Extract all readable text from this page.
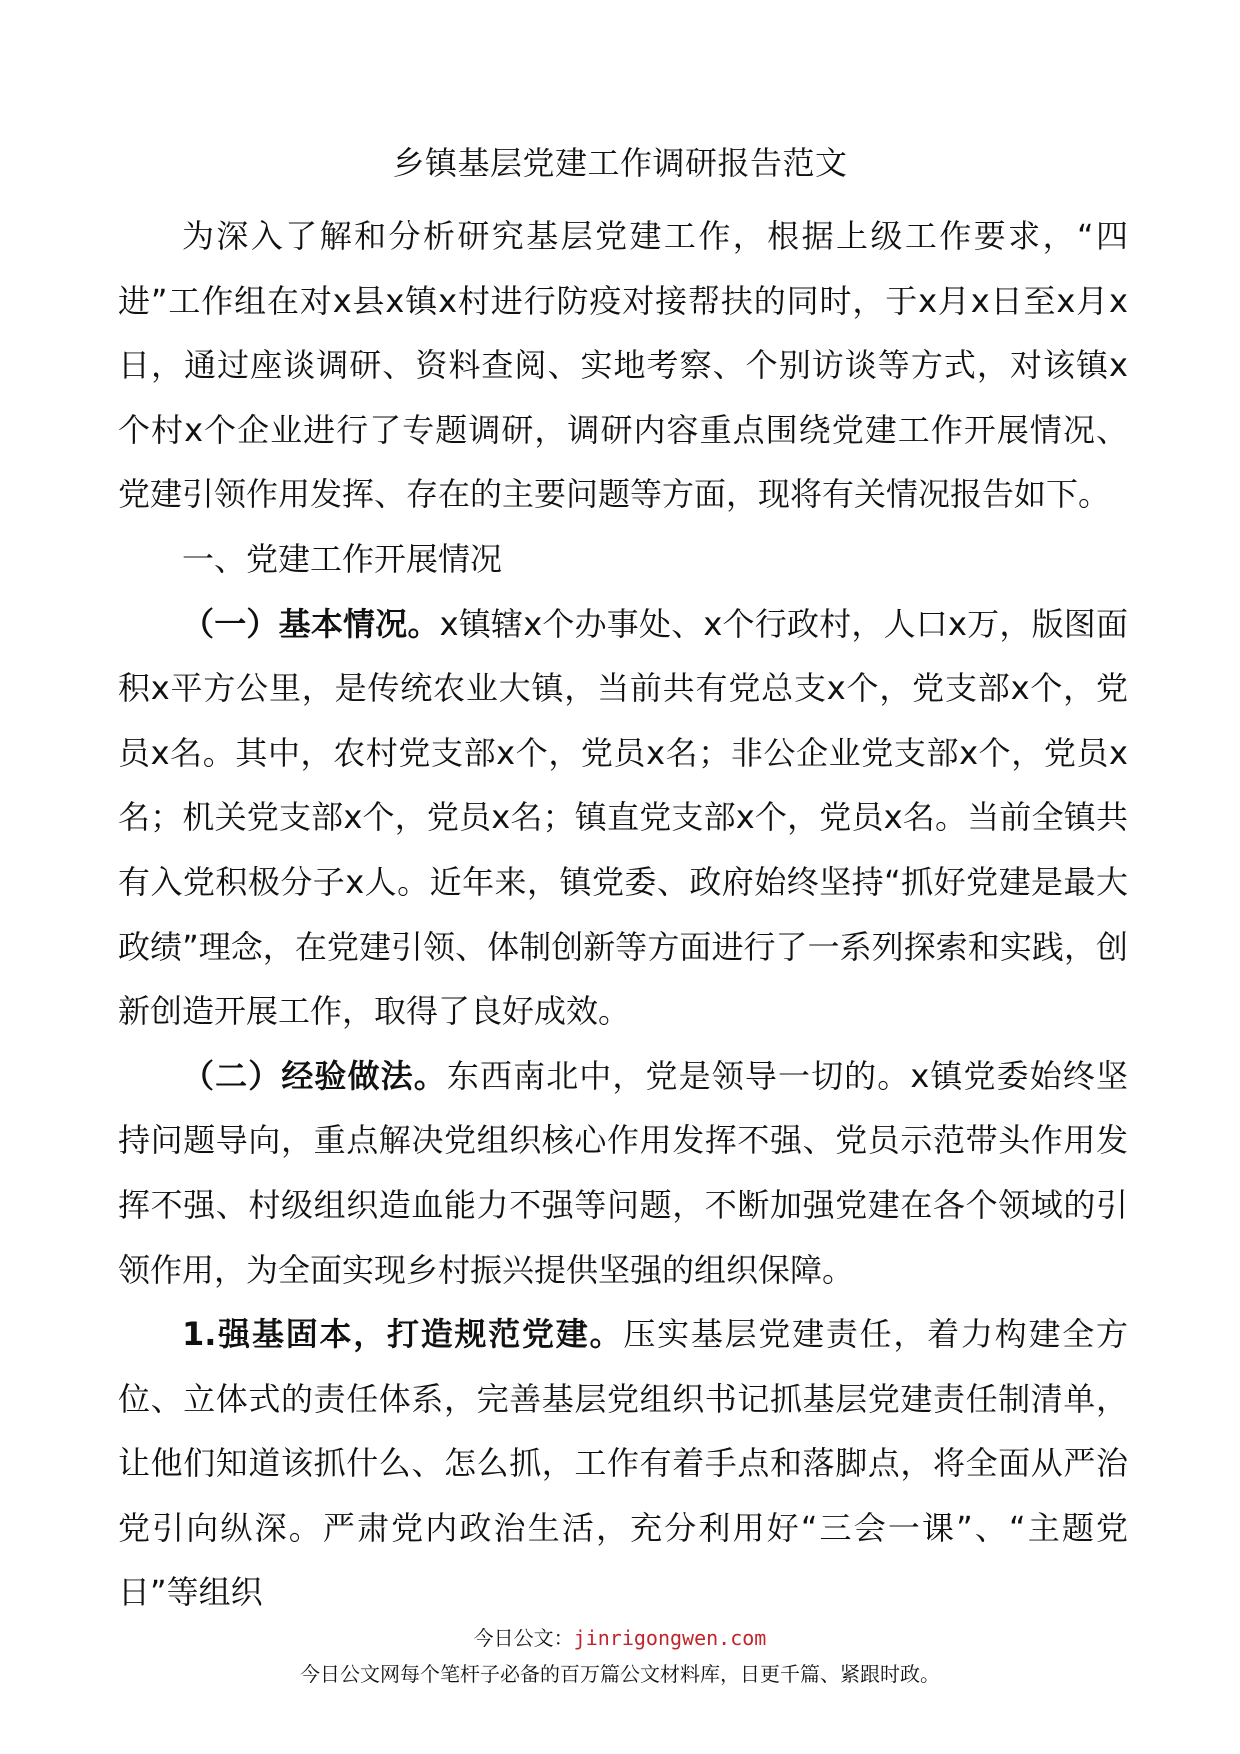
乡镇基层党建工作调研报告范文

为深入了解和分析研究基层党建工作，根据上级工作要求，“四进”工作组在对x县x镇x村进行防疫对接帮扶的同时，于x月x日至x月x日，通过座谈调研、资料查阅、实地考察、个别访谈等方式，对该镇x个村x个企业进行了专题调研，调研内容重点围绕党建工作开展情况、党建引领作用发挥、存在的主要问题等方面，现将有关情况报告如下。

一、党建工作开展情况

（一）基本情况。x镇辖x个办事处、x个行政村，人口x万，版图面积x平方公里，是传统农业大镇，当前共有党总支x个，党支部x个，党员x名。其中，农村党支部x个，党员x名；非公企业党支部x个，党员x名；机关党支部x个，党员x名；镇直党支部x个，党员x名。当前全镇共有入党积极分子x人。近年来，镇党委、政府始终坚持“抓好党建是最大政绩”理念，在党建引领、体制创新等方面进行了一系列探索和实践，创新创造开展工作，取得了良好成效。

（二）经验做法。东西南北中，党是领导一切的。x镇党委始终坚持问题导向，重点解决党组织核心作用发挥不强、党员示范带头作用发挥不强、村级组织造血能力不强等问题，不断加强党建在各个领域的引领作用，为全面实现乡村振兴提供坚强的组织保障。

1.强基固本，打造规范党建。压实基层党建责任，着力构建全方位、立体式的责任体系，完善基层党组织书记抓基层党建责任制清单，让他们知道该抓什么、怎么抓，工作有着手点和落脚点，将全面从严治党引向纵深。严肃党内政治生活，充分利用好“三会一课”、“主题党日”等组织

今日公文：jinrigongwen.com
今日公文网每个笔杆子必备的百万篇公文材料库，日更千篇、紧跟时政。
